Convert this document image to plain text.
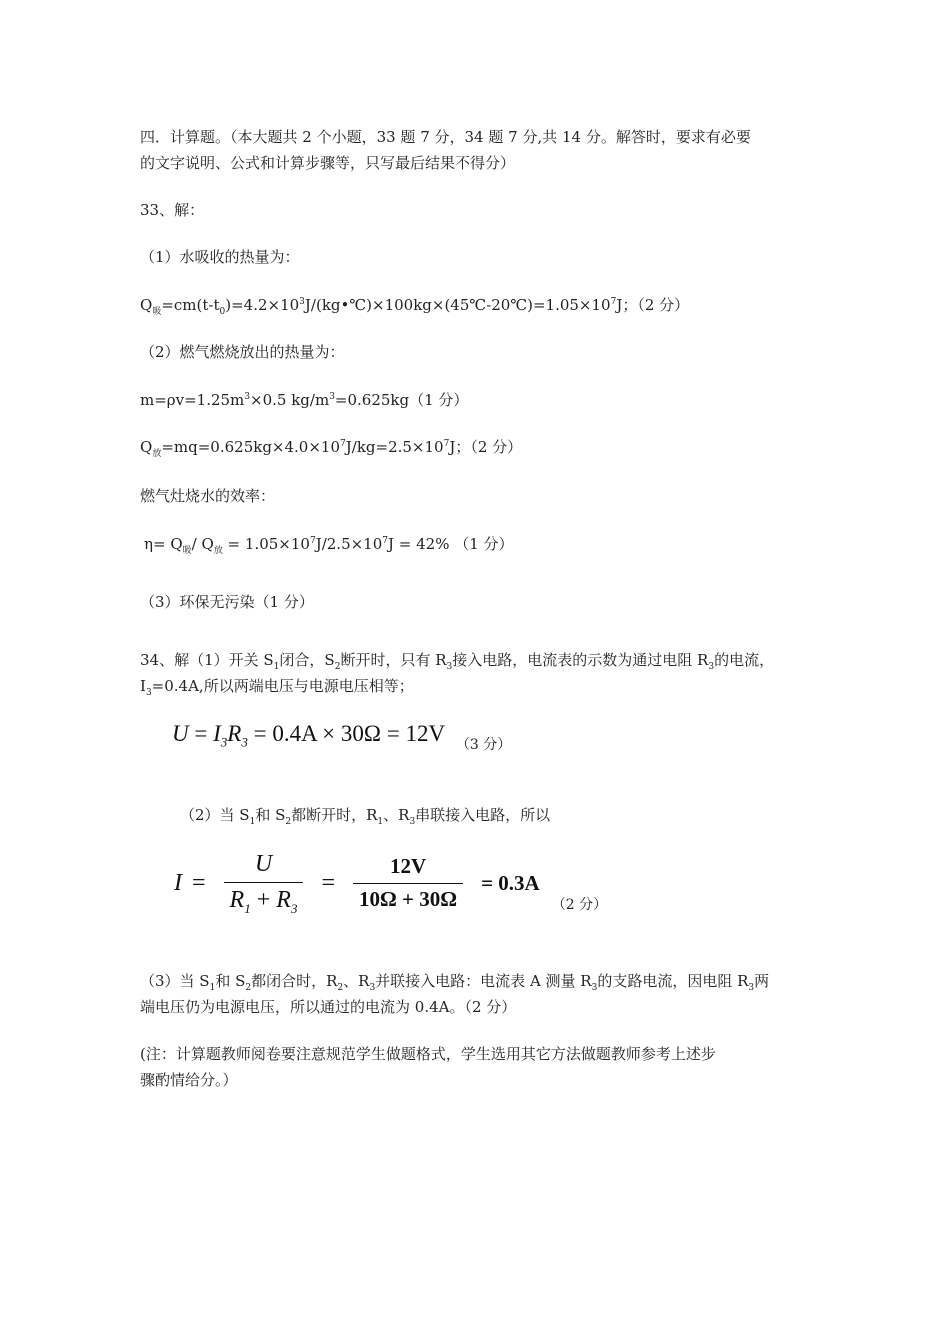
四．计算题。（本大题共 2 个小题，33 题 7 分，34 题 7 分,共 14 分。解答时，要求有必要
的文字说明、公式和计算步骤等，只写最后结果不得分）
33、解：
（1）水吸收的热量为：
$Q_吸=cm(t-t_0)=4.2\times 10^3J/(kg•℃)\times 100kg\times(45℃-20℃)=1.05\times 10^7J$；（2 分）
（2）燃气燃烧放出的热量为：
$m=\rho v=1.25m^3\times 0.5$ $kg/m^3=0.625kg(1$ 分）
$Q_放=mq=0.625kg\times 4.0\times 10^7J/kg=2.5\times 10^7J$；（2 分）
燃气灶烧水的效率：
$\eta= Q_吸/$ $Q_放 = 1.05\times 10^7J/2.5\times 10^7J = 42\%$ （1 分）
（3）环保无污染（1 分）
34、解（1）开关 $S_1$闭合，$S_2$断开时，只有 $R_3$接入电路，电流表的示数为通过电阻 $R_3$的电流，
$I_3=0.4A$,所以两端电压与电源电压相等；
$U = I_3R_3 = 0.4A \times 30\Omega = 12V$ （3 分）
（2）当 $S_1$和 $S_2$都断开时，$R_1$、$R_3$串联接入电路，所以
$I = \frac{U}{R_1 + R_3} = \frac{12V}{10\Omega + 30\Omega} = 0.3A$
（2 分）
（3）当 $S_1$和 $S_2$都闭合时，$R_2$、$R_3$并联接入电路：电流表 A 测量 $R_3$的支路电流，因电阻 $R_3$两
端电压仍为电源电压，所以通过的电流为 0.4A。（2 分）
(注：计算题教师阅卷要注意规范学生做题格式，学生选用其它方法做题教师参考上述步
骤酌情给分。）
